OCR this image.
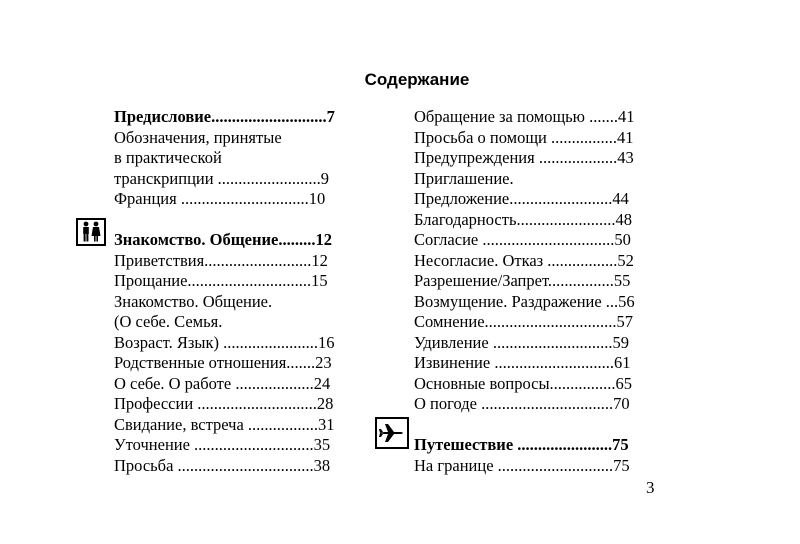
Содержание
Предисловие............................7
Обозначения, принятые
в практической
транскрипции .........................9
Франция ...............................10
Знакомство. Общение.........12
Приветствия..........................12
Прощание..............................15
Знакомство. Общение.
(О себе. Семья.
Возраст. Язык) .......................16
Родственные отношения.......23
О себе. О работе ...................24
Профессии .............................28
Свидание, встреча .................31
Уточнение .............................35
Просьба .................................38
Обращение за помощью .......41
Просьба о помощи ................41
Предупреждения ...................43
Приглашение.
Предложение.........................44
Благодарность........................48
Согласие ................................50
Несогласие. Отказ .................52
Разрешение/Запрет................55
Возмущение. Раздражение ...56
Сомнение................................57
Удивление .............................59
Извинение .............................61
Основные вопросы................65
О погоде ................................70
Путешествие .......................75
На границе ............................75
3
